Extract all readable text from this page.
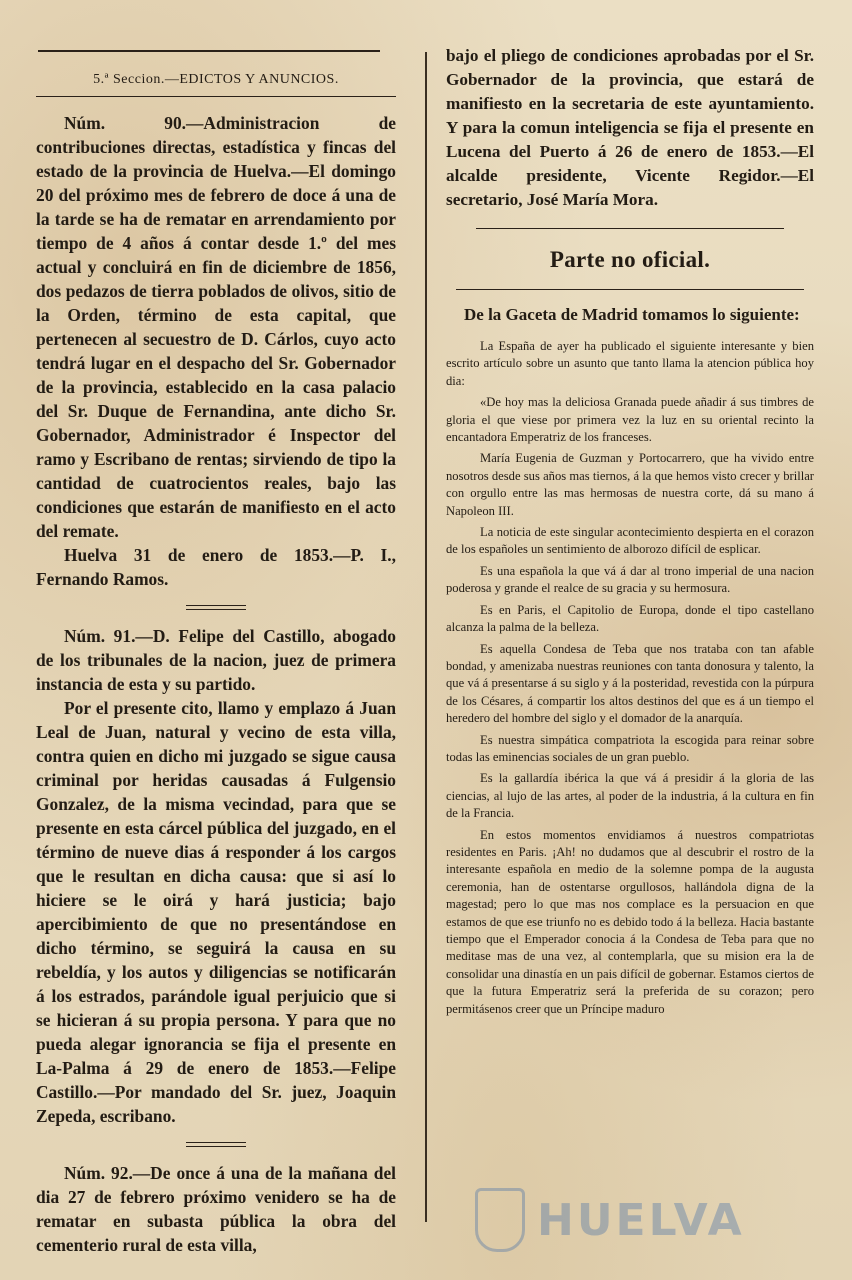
5.ª Seccion.—EDICTOS Y ANUNCIOS.

Núm. 90.—Administracion de contribuciones directas, estadística y fincas del estado de la provincia de Huelva.—El domingo 20 del próximo mes de febrero de doce á una de la tarde se ha de rematar en arrendamiento por tiempo de 4 años á contar desde 1.º del mes actual y concluirá en fin de diciembre de 1856, dos pedazos de tierra poblados de olivos, sitio de la Orden, término de esta capital, que pertenecen al secuestro de D. Cárlos, cuyo acto tendrá lugar en el despacho del Sr. Gobernador de la provincia, establecido en la casa palacio del Sr. Duque de Fernandina, ante dicho Sr. Gobernador, Administrador é Inspector del ramo y Escribano de rentas; sirviendo de tipo la cantidad de cuatrocientos reales, bajo las condiciones que estarán de manifiesto en el acto del remate.

Huelva 31 de enero de 1853.—P. I., Fernando Ramos.

Núm. 91.—D. Felipe del Castillo, abogado de los tribunales de la nacion, juez de primera instancia de esta y su partido.

Por el presente cito, llamo y emplazo á Juan Leal de Juan, natural y vecino de esta villa, contra quien en dicho mi juzgado se sigue causa criminal por heridas causadas á Fulgensio Gonzalez, de la misma vecindad, para que se presente en esta cárcel pública del juzgado, en el término de nueve dias á responder á los cargos que le resultan en dicha causa: que si así lo hiciere se le oirá y hará justicia; bajo apercibimiento de que no presentándose en dicho término, se seguirá la causa en su rebeldía, y los autos y diligencias se notificarán á los estrados, parándole igual perjuicio que si se hicieran á su propia persona. Y para que no pueda alegar ignorancia se fija el presente en La-Palma á 29 de enero de 1853.—Felipe Castillo.—Por mandado del Sr. juez, Joaquin Zepeda, escribano.

Núm. 92.—De once á una de la mañana del dia 27 de febrero próximo venidero se ha de rematar en subasta pública la obra del cementerio rural de esta villa,

bajo el pliego de condiciones aprobadas por el Sr. Gobernador de la provincia, que estará de manifiesto en la secretaria de este ayuntamiento. Y para la comun inteligencia se fija el presente en Lucena del Puerto á 26 de enero de 1853.—El alcalde presidente, Vicente Regidor.—El secretario, José María Mora.

Parte no oficial.

De la Gaceta de Madrid tomamos lo siguiente:

La España de ayer ha publicado el siguiente interesante y bien escrito artículo sobre un asunto que tanto llama la atencion pública hoy dia:

«De hoy mas la deliciosa Granada puede añadir á sus timbres de gloria el que viese por primera vez la luz en su oriental recinto la encantadora Emperatriz de los franceses.

María Eugenia de Guzman y Portocarrero, que ha vivido entre nosotros desde sus años mas tiernos, á la que hemos visto crecer y brillar con orgullo entre las mas hermosas de nuestra corte, dá su mano á Napoleon III.

La noticia de este singular acontecimiento despierta en el corazon de los españoles un sentimiento de alborozo difícil de esplicar.

Es una española la que vá á dar al trono imperial de una nacion poderosa y grande el realce de su gracia y su hermosura.

Es en Paris, el Capitolio de Europa, donde el tipo castellano alcanza la palma de la belleza.

Es aquella Condesa de Teba que nos trataba con tan afable bondad, y amenizaba nuestras reuniones con tanta donosura y talento, la que vá á presentarse á su siglo y á la posteridad, revestida con la púrpura de los Césares, á compartir los altos destinos del que es á un tiempo el heredero del hombre del siglo y el domador de la anarquía.

Es nuestra simpática compatriota la escogida para reinar sobre todas las eminencias sociales de un gran pueblo.

Es la gallardía ibérica la que vá á presidir á la gloria de las ciencias, al lujo de las artes, al poder de la industria, á la cultura en fin de la Francia.

En estos momentos envidiamos á nuestros compatriotas residentes en Paris. ¡Ah! no dudamos que al descubrir el rostro de la interesante española en medio de la solemne pompa de la augusta ceremonia, han de ostentarse orgullosos, hallándola digna de la magestad; pero lo que mas nos complace es la persuacion en que estamos de que ese triunfo no es debido todo á la belleza. Hacia bastante tiempo que el Emperador conocia á la Condesa de Teba para que no meditase mas de una vez, al contemplarla, que su mision era la de consolidar una dinastía en un pais difícil de gobernar. Estamos ciertos de que la futura Emperatriz será la preferida de su corazon; pero permitásenos creer que un Príncipe maduro

HUELVA
